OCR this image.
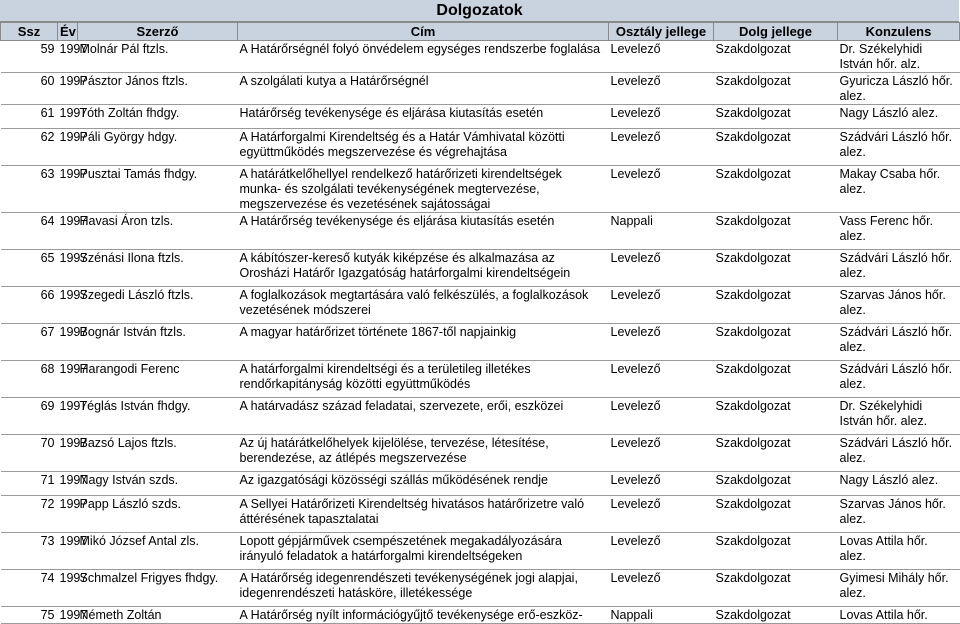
Dolgozatok
Ssz	Év	Szerző	Cím	Osztály jellege	Dolg jellege	Konzulens
59	1997	Molnár Pál ftzls.	A Határőrségnél folyó önvédelem egységes rendszerbe foglalása	Levelező	Szakdolgozat	Dr. Székelyhidi István hőr. alz.
60	1997	Pásztor János ftzls.	A szolgálati kutya a Határőrségnél	Levelező	Szakdolgozat	Gyuricza László hőr. alez.
61	1997	Tóth Zoltán fhdgy.	Határőrség tevékenysége és eljárása kiutasítás esetén	Levelező	Szakdolgozat	Nagy László alez.
62	1997	Páli György hdgy.	A Határforgalmi Kirendeltség és a Határ Vámhivatal közötti együttműködés megszervezése és végrehajtása	Levelező	Szakdolgozat	Szádvári László hőr. alez.
63	1997	Pusztai Tamás fhdgy.	A határátkelőhellyel rendelkező határőrizeti kirendeltségek munka- és szolgálati tevékenységének megtervezése, megszervezése és vezetésének sajátosságai	Levelező	Szakdolgozat	Makay Csaba hőr. alez.
64	1997	Havasi Áron tzls.	A Határőrség tevékenysége és eljárása kiutasítás esetén	Nappali	Szakdolgozat	Vass Ferenc hőr. alez.
65	1997	Szénási Ilona ftzls.	A kábítószer-kereső kutyák kiképzése és alkalmazása az Orosházi Határőr Igazgatóság határforgalmi kirendeltségein	Levelező	Szakdolgozat	Szádvári László hőr. alez.
66	1997	Szegedi László ftzls.	A foglalkozások megtartására való felkészülés, a foglalkozások vezetésének módszerei	Levelező	Szakdolgozat	Szarvas János hőr. alez.
67	1997	Bognár István ftzls.	A magyar határőrizet története 1867-től napjainkig	Levelező	Szakdolgozat	Szádvári László hőr. alez.
68	1997	Harangodi Ferenc	A határforgalmi kirendeltségi és a területileg illetékes rendőrkapitányság közötti együttműködés	Levelező	Szakdolgozat	Szádvári László hőr. alez.
69	1997	Téglás István fhdgy.	A határvadász század feladatai, szervezete, erői, eszközei	Levelező	Szakdolgozat	Dr. Székelyhidi István hőr. alez.
70	1997	Bazsó Lajos ftzls.	Az új határátkelőhelyek kijelölése, tervezése, létesítése, berendezése, az átlépés megszervezése	Levelező	Szakdolgozat	Szádvári László hőr. alez.
71	1997	Nagy István szds.	Az igazgatósági közösségi szállás működésének rendje	Levelező	Szakdolgozat	Nagy László alez.
72	1997	Papp László szds.	A Sellyei Határőrizeti Kirendeltség hivatásos határőrizetre való áttérésének tapasztalatai	Levelező	Szakdolgozat	Szarvas János hőr. alez.
73	1997	Mikó József Antal zls.	Lopott gépjárművek csempészetének megakadályozására irányuló feladatok a határforgalmi kirendeltségeken	Levelező	Szakdolgozat	Lovas Attila hőr. alez.
74	1997	Schmalzel Frigyes fhdgy.	A Határőrség idegenrendészeti tevékenységének jogi alapjai, idegenrendészeti hatásköre, illetékessége	Levelező	Szakdolgozat	Gyimesi Mihály hőr. alez.
75	1997	Németh Zoltán	A Határőrség nyílt információgyűjtő tevékenysége erő-eszköz-	Nappali	Szakdolgozat	Lovas Attila hőr.
